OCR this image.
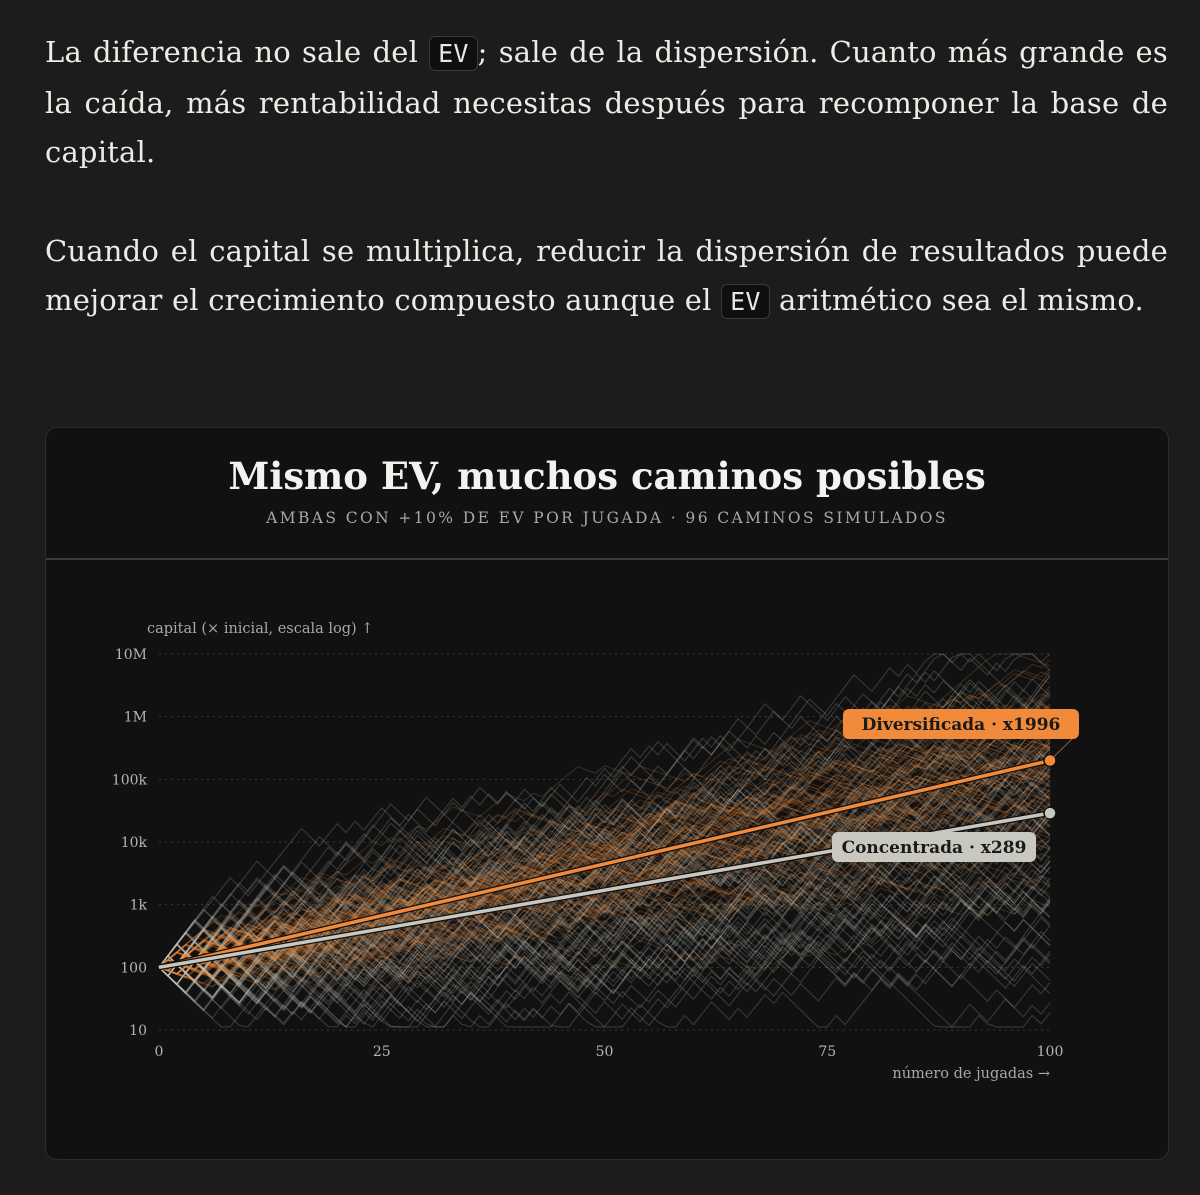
La diferencia no sale del EV ; sale de la dispersión. Cuanto más grande es la caída, más rentabilidad necesitas después para recomponer la base de capital.

Cuando el capital se multiplica, reducir la dispersión de resultados puede mejorar el crecimiento compuesto aunque el EV aritmético sea el mismo.

Mismo EV, muchos caminos posibles
AMBAS CON +10% DE EV POR JUGADA · 96 CAMINOS SIMULADOS
10
100
1k
10k
100k
1M
10M
0	25	50	75	100
Diversificada · x1996
Concentrada · x289
capital (× inicial, escala log) ↑
número de jugadas →
